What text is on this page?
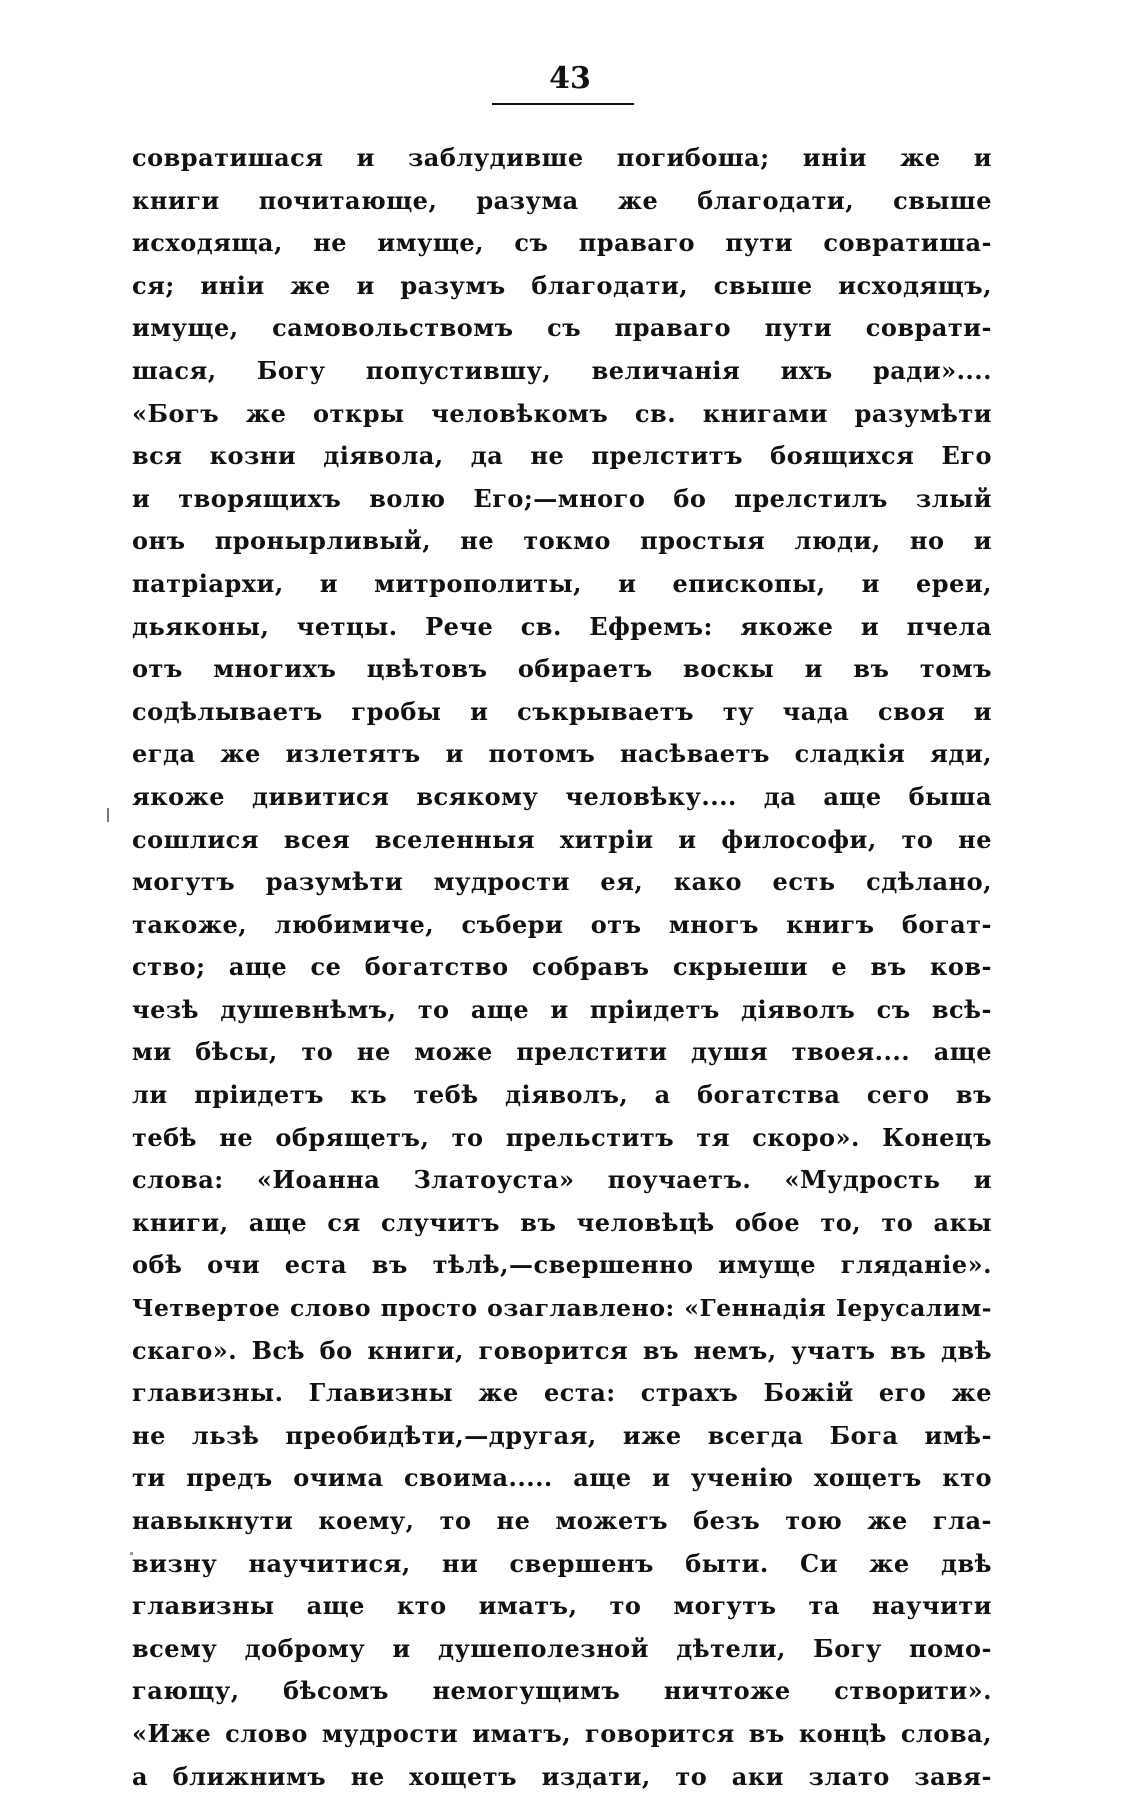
43
совратишася и заблудивше погибоша; инiи же и
книги почитающе, разума же благодати, свыше
исходяща, не имуще, съ праваго пути совратиша-
ся; инiи же и разумъ благодати, свыше исходящъ,
имуще, самовольствомъ съ праваго пути соврати-
шася, Богу попустившу, величанiя ихъ ради»....
«Богъ же откры человѣкомъ св. книгами разумѣти
вся козни дiявола, да не прелститъ боящихся Его
и творящихъ волю Его;—много бо прелстилъ злый
онъ пронырливый, не токмо простыя люди, но и
патрiархи, и митрополиты, и епископы, и ереи,
дьяконы, четцы. Рече св. Ефремъ: якоже и пчела
отъ многихъ цвѣтовъ обираетъ воскы и въ томъ
содѣлываетъ гробы и съкрываетъ ту чада своя и
егда же излетятъ и потомъ насѣваетъ сладкiя яди,
якоже дивитися всякому человѣку.... да аще быша
сошлися всея вселенныя хитрiи и философи, то не
могутъ разумѣти мудрости ея, како есть сдѣлано,
такоже, любимиче, събери отъ многъ книгъ богат-
ство; аще се богатство собравъ скрыеши е въ ков-
чезѣ душевнѣмъ, то аще и прiидетъ дiяволъ съ всѣ-
ми бѣсы, то не може прелстити душя твоея.... аще
ли прiидетъ къ тебѣ дiяволъ, а богатства сего въ
тебѣ не обрящетъ, то прельститъ тя скоро». Конецъ
слова: «Иоанна Златоуста» поучаетъ. «Мудрость и
книги, аще ся случитъ въ человѣцѣ обое то, то акы
обѣ очи еста въ тѣлѣ,—свершенно имуще гляданiе».
Четвертое слово просто озаглавлено: «Геннадiя Iерусалим-
скаго». Всѣ бо книги, говорится въ немъ, учатъ въ двѣ
главизны. Главизны же еста: страхъ Божiй его же
не льзѣ преобидѣти,—другая, иже всегда Бога имѣ-
ти предъ очима своима..... аще и ученiю хощетъ кто
навыкнути коему, то не можетъ безъ тою же гла-
визну научитися, ни свершенъ быти. Си же двѣ
главизны аще кто иматъ, то могутъ та научити
всему доброму и душеполезной дѣтели, Богу помо-
гающу, бѣсомъ немогущимъ ничтоже створити».
«Иже слово мудрости иматъ, говорится въ концѣ слова,
а ближнимъ не хощетъ издати, то аки злато завя-
